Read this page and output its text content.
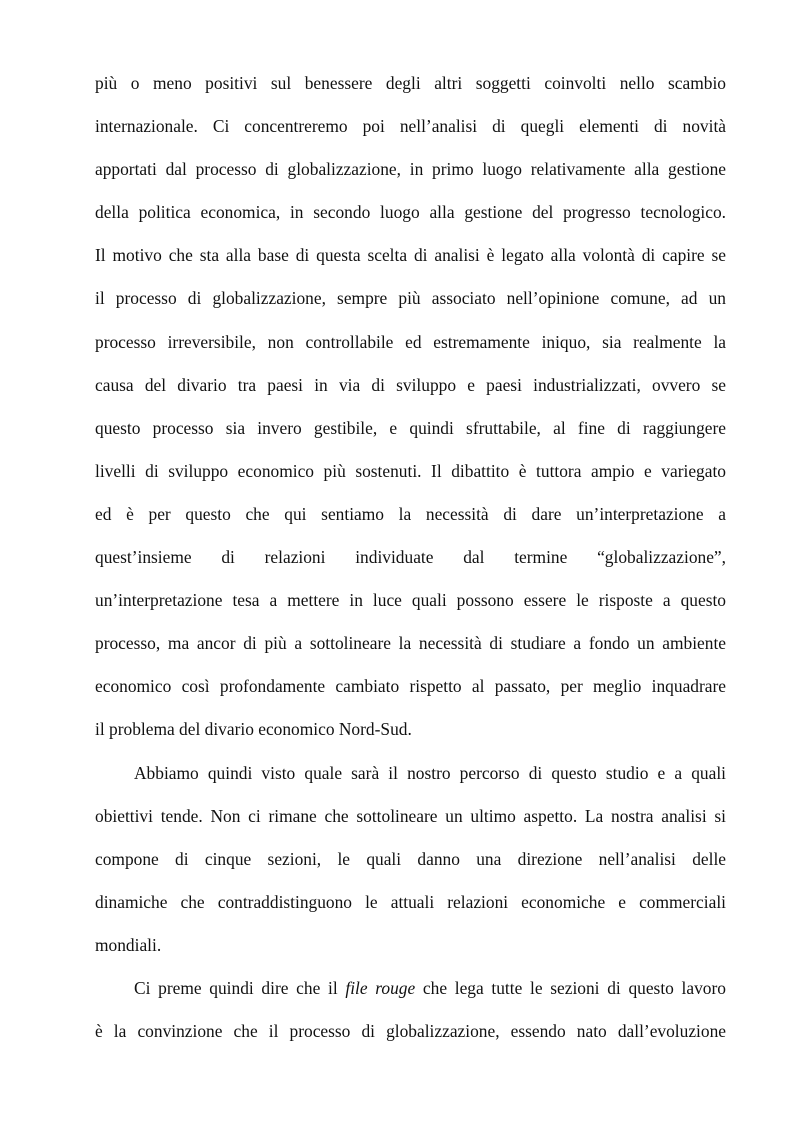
più o meno positivi sul benessere degli altri soggetti coinvolti nello scambio
internazionale. Ci concentreremo poi nell’analisi di quegli elementi di novità
apportati dal processo di globalizzazione, in primo luogo relativamente alla gestione
della politica economica, in secondo luogo alla gestione del progresso tecnologico.
Il motivo che sta alla base di questa scelta di analisi è legato alla volontà di capire se
il processo di globalizzazione, sempre più associato nell’opinione comune, ad un
processo irreversibile, non controllabile ed estremamente iniquo, sia realmente la
causa del divario tra paesi in via di sviluppo e paesi industrializzati, ovvero se
questo processo sia invero gestibile, e quindi sfruttabile, al fine di raggiungere
livelli di sviluppo economico più sostenuti. Il dibattito è tuttora ampio e variegato
ed è per questo che qui sentiamo la necessità di dare un’interpretazione a
quest’insieme di relazioni individuate dal termine “globalizzazione”,
un’interpretazione tesa a mettere in luce quali possono essere le risposte a questo
processo, ma ancor di più a sottolineare la necessità di studiare a fondo un ambiente
economico così profondamente cambiato rispetto al passato, per meglio inquadrare
il problema del divario economico Nord-Sud.
Abbiamo quindi visto quale sarà il nostro percorso di questo studio e a quali
obiettivi tende. Non ci rimane che sottolineare un ultimo aspetto. La nostra analisi si
compone di cinque sezioni, le quali danno una direzione nell’analisi delle
dinamiche che contraddistinguono le attuali relazioni economiche e commerciali
mondiali.
Ci preme quindi dire che il file rouge che lega tutte le sezioni di questo lavoro
è la convinzione che il processo di globalizzazione, essendo nato dall’evoluzione
